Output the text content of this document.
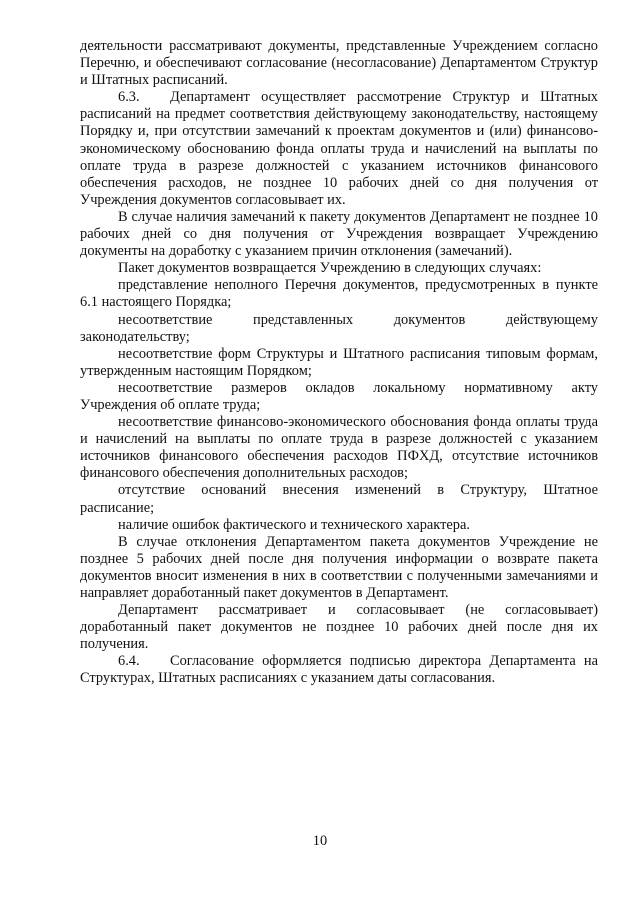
деятельности рассматривают документы, представленные Учреждением согласно Перечню, и обеспечивают согласование (несогласование) Департаментом Структур и Штатных расписаний.

6.3. Департамент осуществляет рассмотрение Структур и Штатных расписаний на предмет соответствия действующему законодательству, настоящему Порядку и, при отсутствии замечаний к проектам документов и (или) финансово-экономическому обоснованию фонда оплаты труда и начислений на выплаты по оплате труда в разрезе должностей с указанием источников финансового обеспечения расходов, не позднее 10 рабочих дней со дня получения от Учреждения документов согласовывает их.

В случае наличия замечаний к пакету документов Департамент не позднее 10 рабочих дней со дня получения от Учреждения возвращает Учреждению документы на доработку с указанием причин отклонения (замечаний).

Пакет документов возвращается Учреждению в следующих случаях:

представление неполного Перечня документов, предусмотренных в пункте 6.1 настоящего Порядка;

несоответствие представленных документов действующему законодательству;

несоответствие форм Структуры и Штатного расписания типовым формам, утвержденным настоящим Порядком;

несоответствие размеров окладов локальному нормативному акту Учреждения об оплате труда;

несоответствие финансово-экономического обоснования фонда оплаты труда и начислений на выплаты по оплате труда в разрезе должностей с указанием источников финансового обеспечения расходов ПФХД, отсутствие источников финансового обеспечения дополнительных расходов;

отсутствие оснований внесения изменений в Структуру, Штатное расписание;

наличие ошибок фактического и технического характера.

В случае отклонения Департаментом пакета документов Учреждение не позднее 5 рабочих дней после дня получения информации о возврате пакета документов вносит изменения в них в соответствии с полученными замечаниями и направляет доработанный пакет документов в Департамент.

Департамент рассматривает и согласовывает (не согласовывает) доработанный пакет документов не позднее 10 рабочих дней после дня их получения.

6.4. Согласование оформляется подписью директора Департамента на Структурах, Штатных расписаниях с указанием даты согласования.

10
